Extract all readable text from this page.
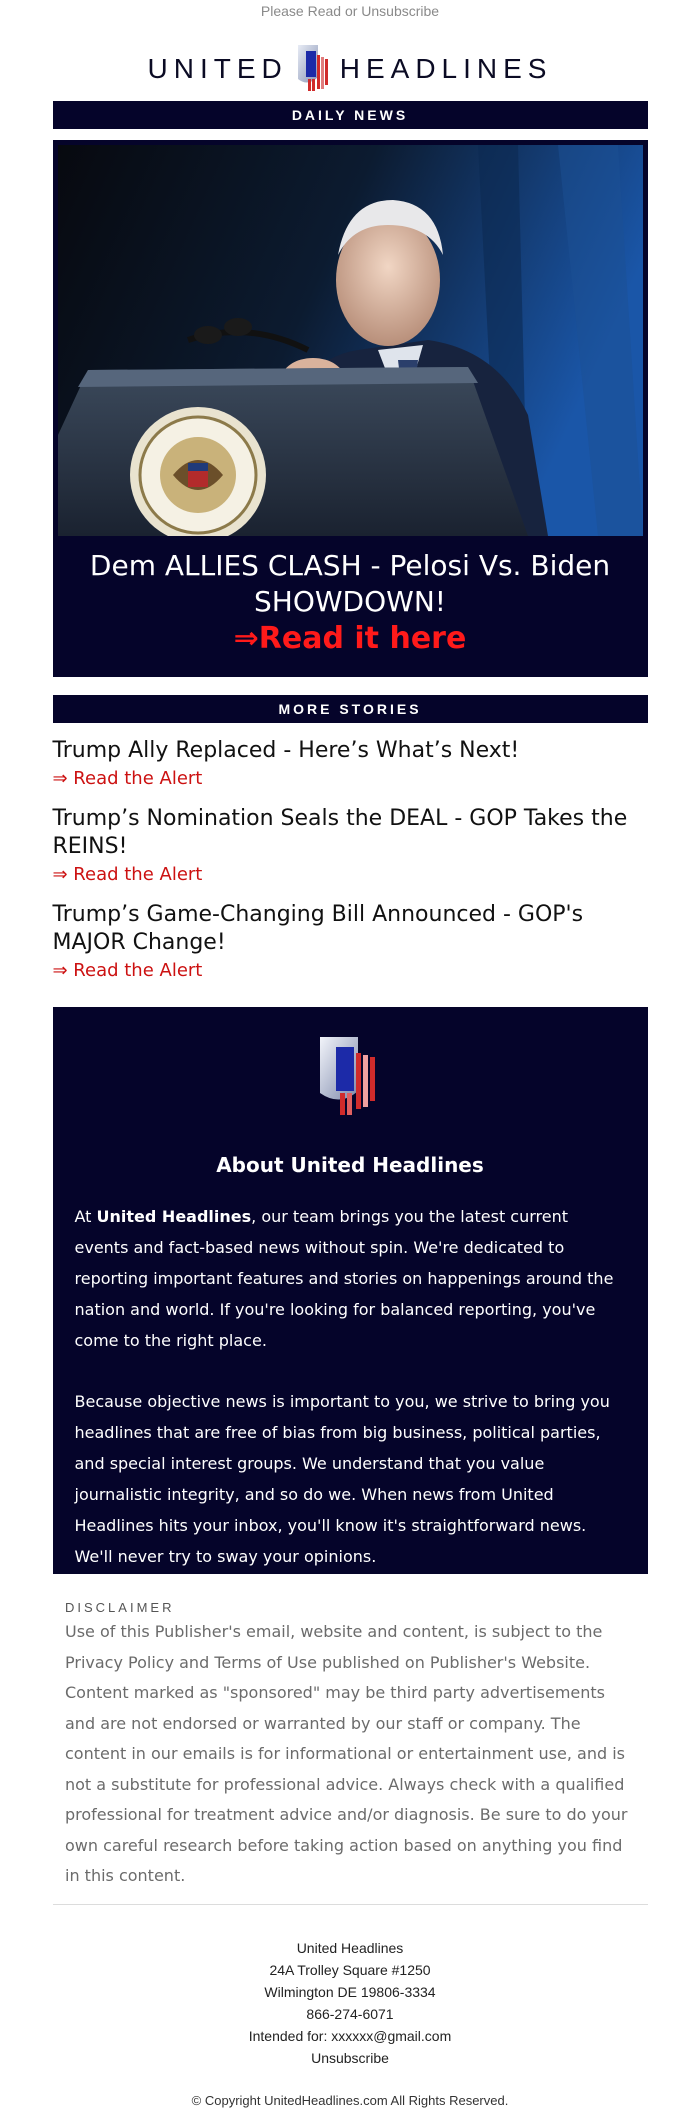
Please Read or Unsubscribe
UNITED HEADLINES
DAILY NEWS
Dem ALLIES CLASH - Pelosi Vs. Biden SHOWDOWN!
⇒Read it here
MORE STORIES
Trump Ally Replaced - Here’s What’s Next!
⇒ Read the Alert
Trump’s Nomination Seals the DEAL - GOP Takes the REINS!
⇒ Read the Alert
Trump’s Game-Changing Bill Announced - GOP's MAJOR Change!
⇒ Read the Alert
About United Headlines

At United Headlines, our team brings you the latest current events and fact-based news without spin. We're dedicated to reporting important features and stories on happenings around the nation and world. If you're looking for balanced reporting, you've come to the right place.

Because objective news is important to you, we strive to bring you headlines that are free of bias from big business, political parties, and special interest groups. We understand that you value journalistic integrity, and so do we. When news from United Headlines hits your inbox, you'll know it's straightforward news. We'll never try to sway your opinions.

DISCLAIMER
Use of this Publisher's email, website and content, is subject to the Privacy Policy and Terms of Use published on Publisher's Website. Content marked as "sponsored" may be third party advertisements and are not endorsed or warranted by our staff or company. The content in our emails is for informational or entertainment use, and is not a substitute for professional advice. Always check with a qualified professional for treatment advice and/or diagnosis. Be sure to do your own careful research before taking action based on anything you find in this content.
United Headlines
24A Trolley Square #1250
Wilmington DE 19806-3334
866-274-6071
Intended for: xxxxxx@gmail.com
Unsubscribe
© Copyright UnitedHeadlines.com All Rights Reserved.
